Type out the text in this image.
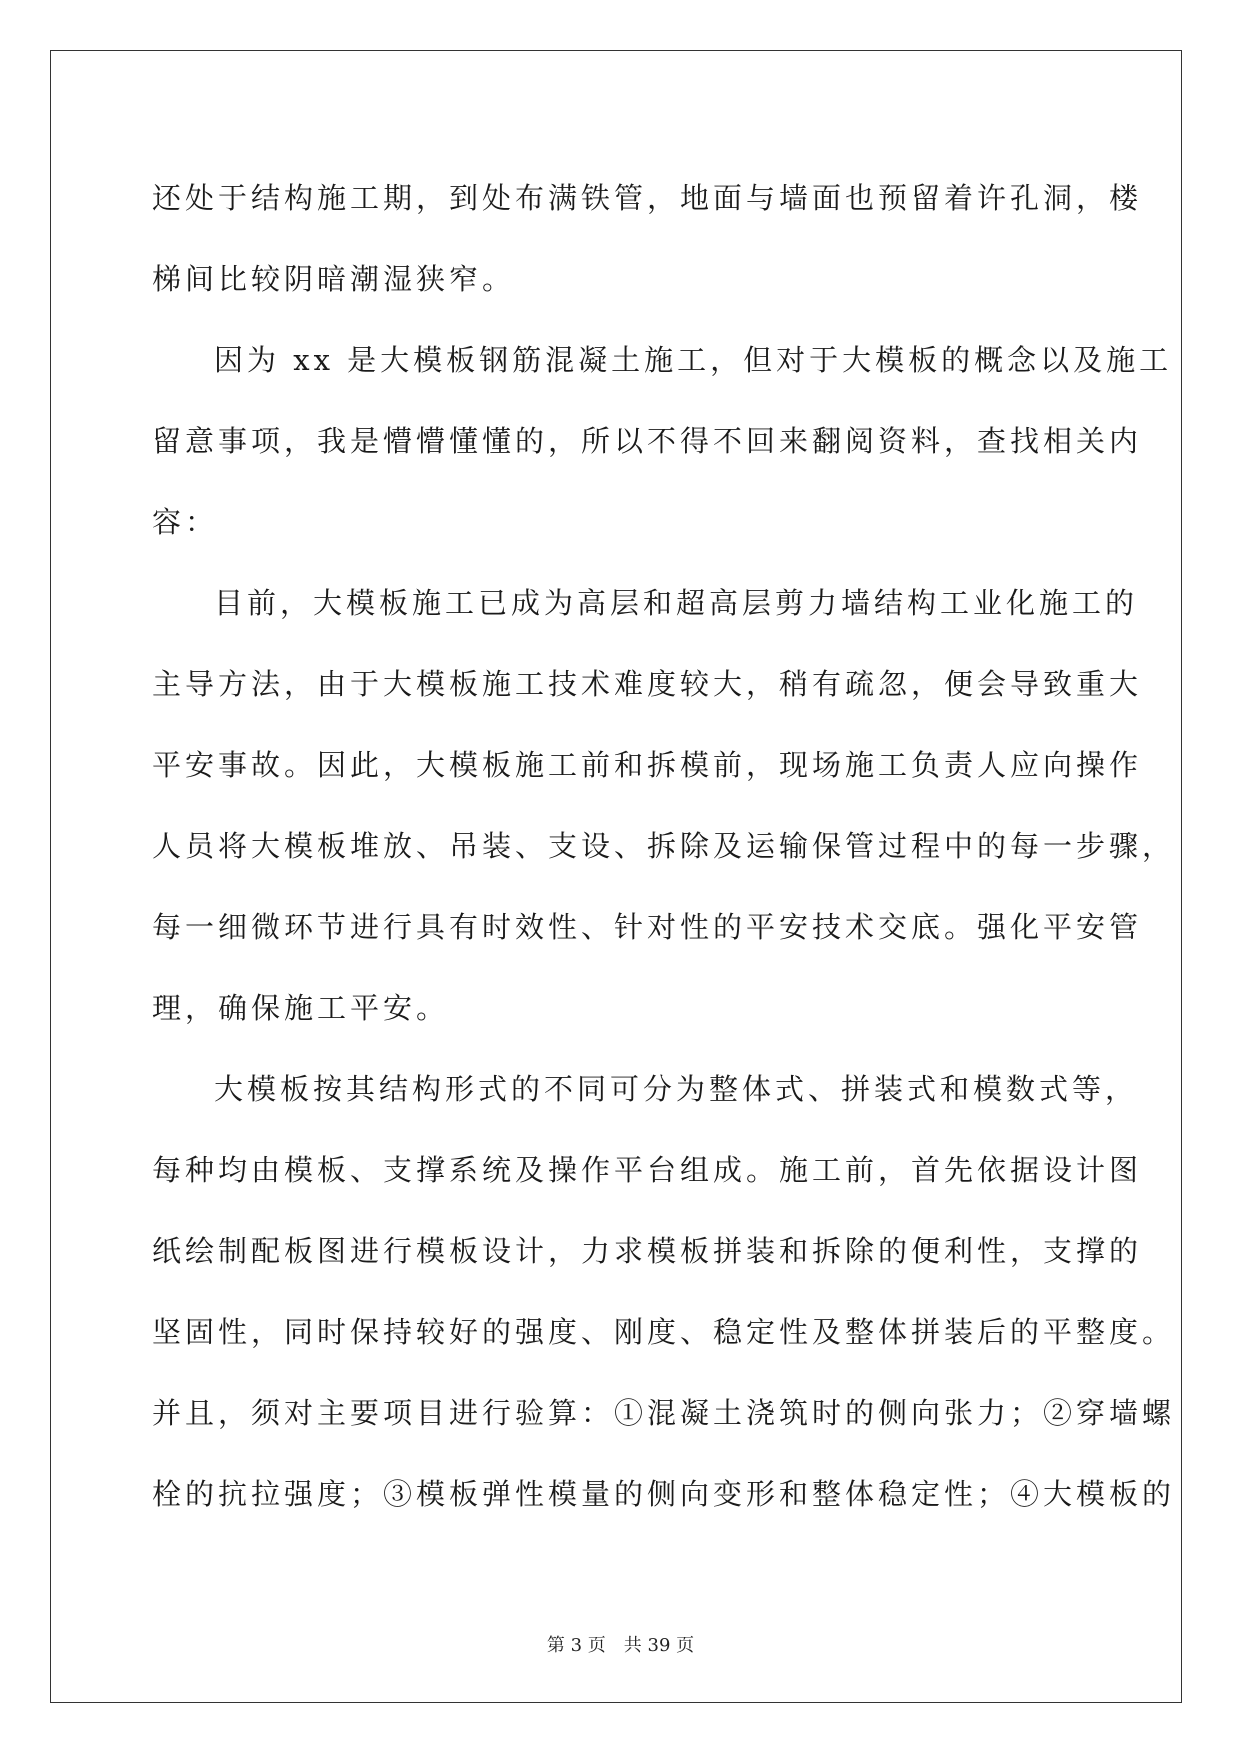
还处于结构施工期，到处布满铁管，地面与墙面也预留着许孔洞，楼
梯间比较阴暗潮湿狭窄。
因为 xx 是大模板钢筋混凝土施工，但对于大模板的概念以及施工
留意事项，我是懵懵懂懂的，所以不得不回来翻阅资料，查找相关内
容：
目前，大模板施工已成为高层和超高层剪力墙结构工业化施工的
主导方法，由于大模板施工技术难度较大，稍有疏忽，便会导致重大
平安事故。因此，大模板施工前和拆模前，现场施工负责人应向操作
人员将大模板堆放、吊装、支设、拆除及运输保管过程中的每一步骤，
每一细微环节进行具有时效性、针对性的平安技术交底。强化平安管
理，确保施工平安。
大模板按其结构形式的不同可分为整体式、拼装式和模数式等，
每种均由模板、支撑系统及操作平台组成。施工前，首先依据设计图
纸绘制配板图进行模板设计，力求模板拼装和拆除的便利性，支撑的
坚固性，同时保持较好的强度、刚度、稳定性及整体拼装后的平整度。
并且，须对主要项目进行验算：①混凝土浇筑时的侧向张力；②穿墙螺
栓的抗拉强度；③模板弹性模量的侧向变形和整体稳定性；④大模板的
第 3 页　共 39 页
